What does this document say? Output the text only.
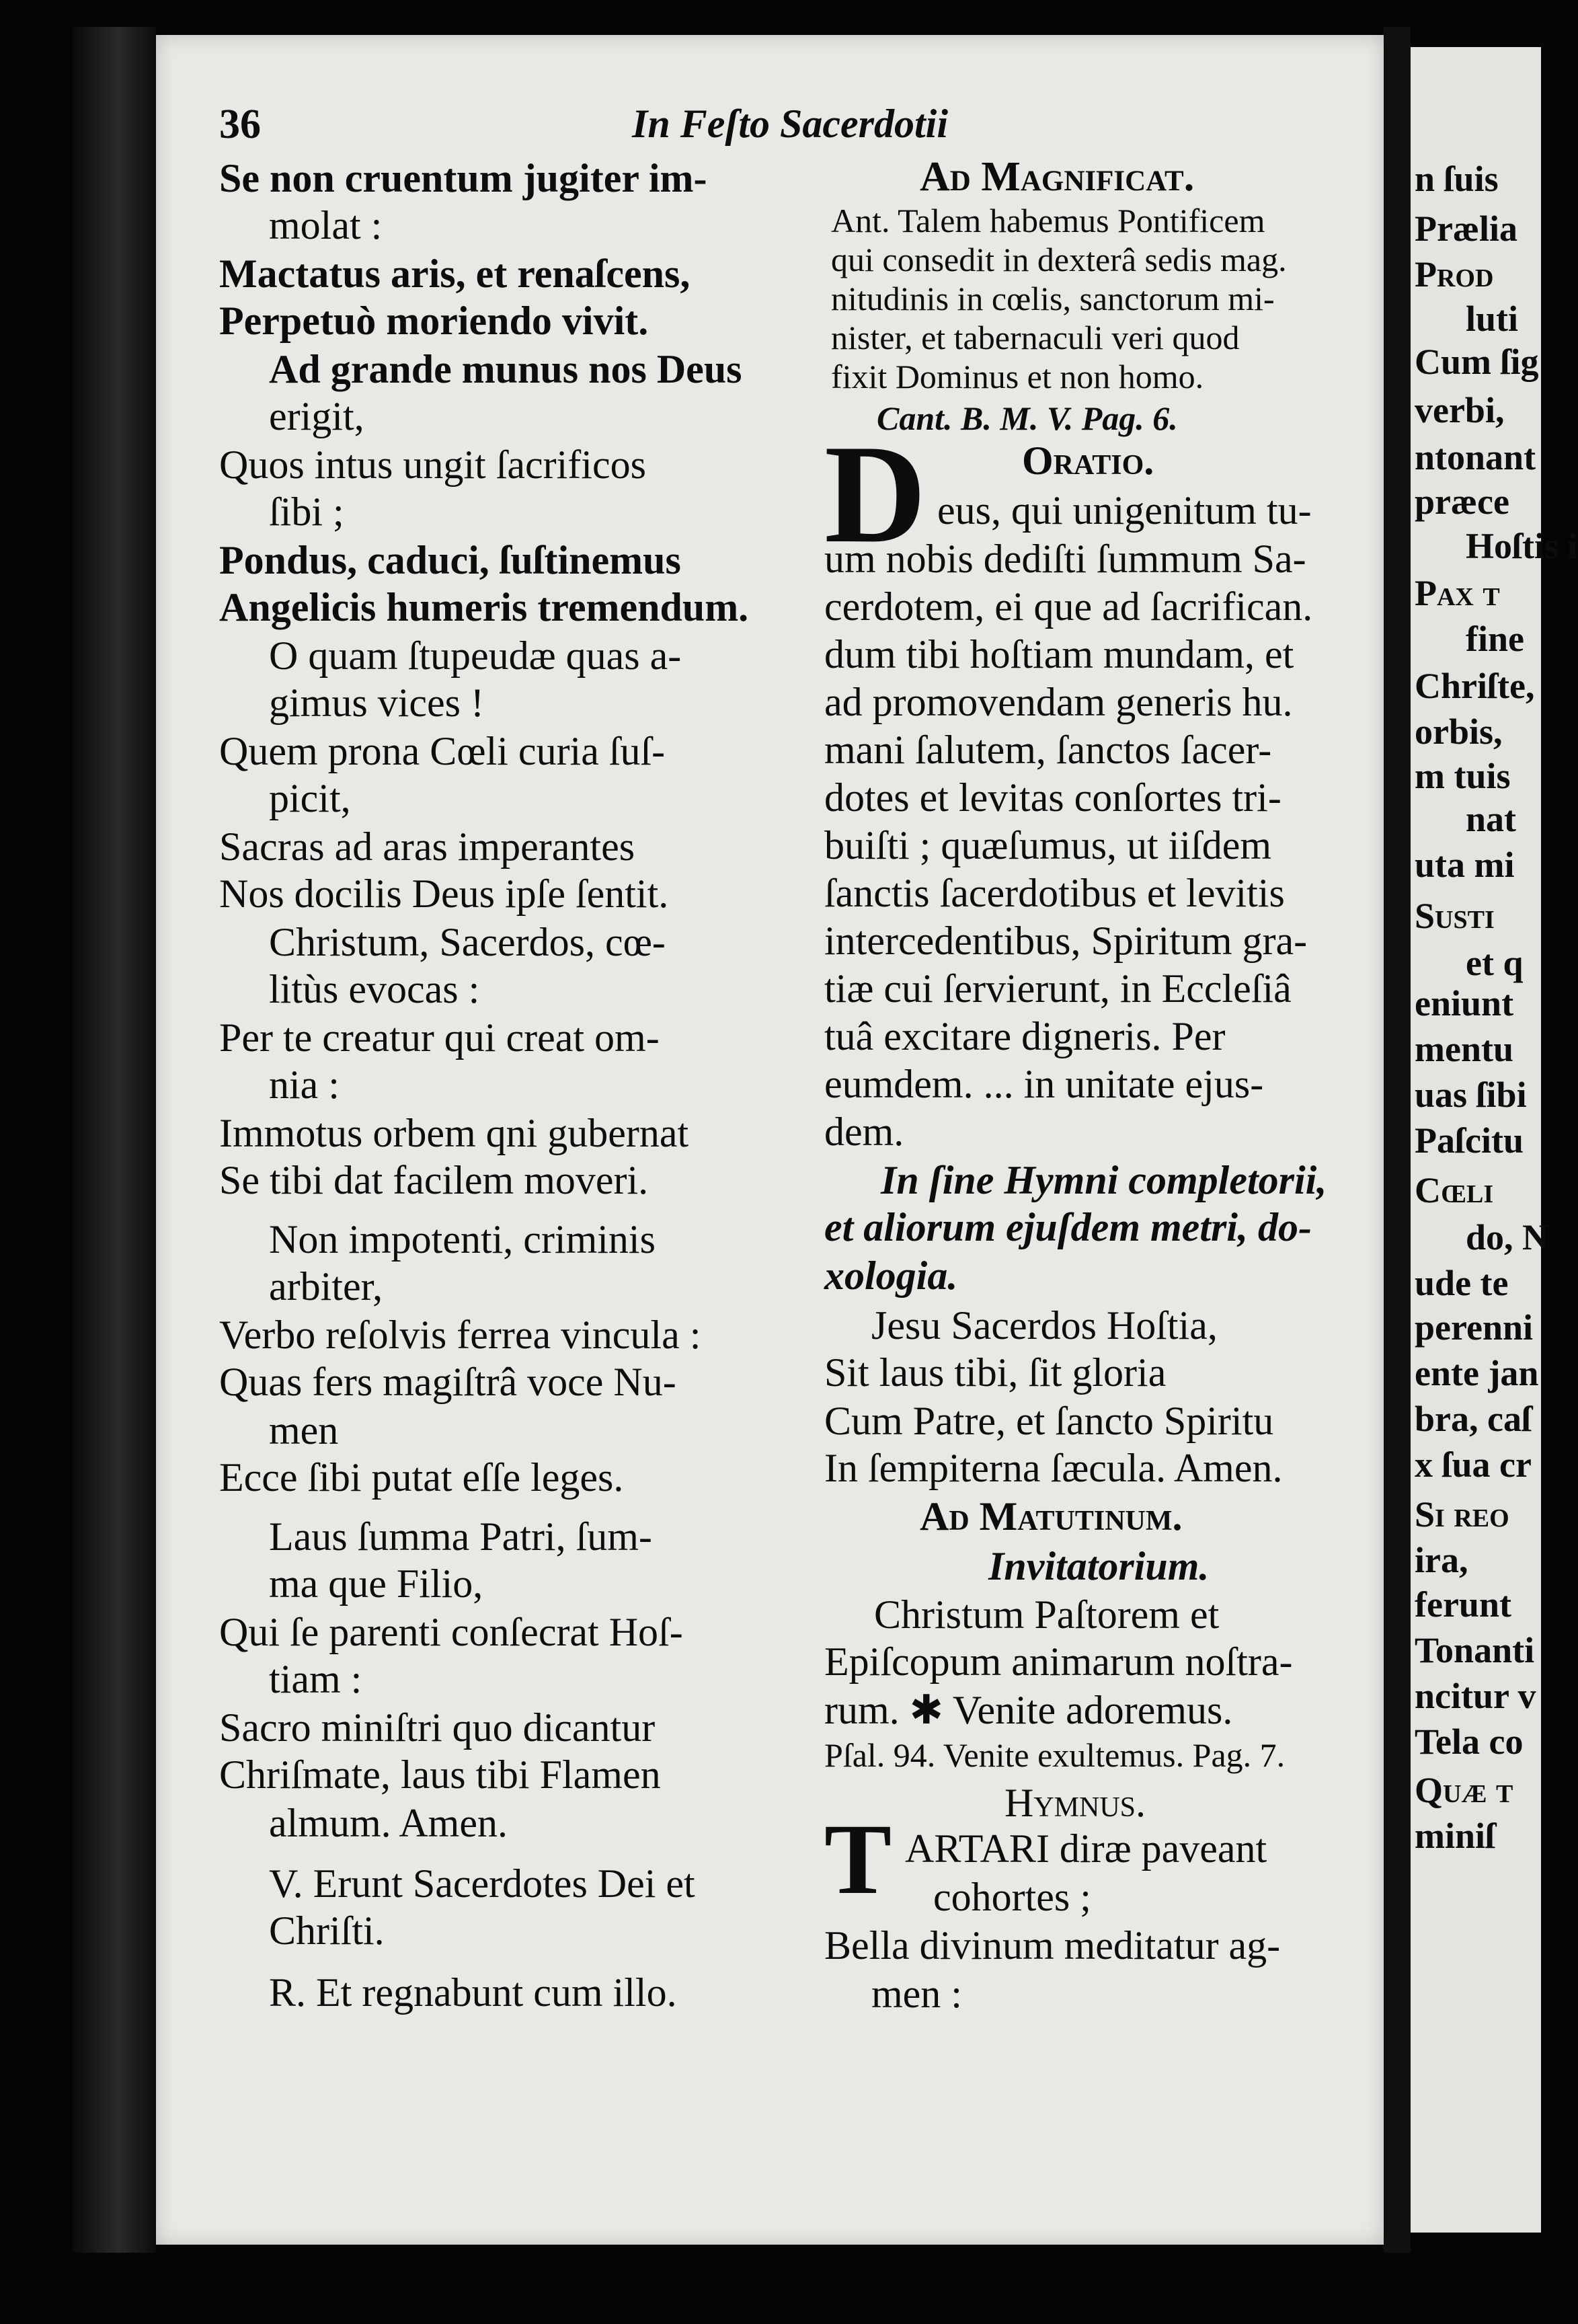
36	In Feſto Sacerdotii
Se non cruentum jugiter im-
molat :
Mactatus aris, et renaſcens,
Perpetuò moriendo vivit.
Ad grande munus nos Deus
erigit,
Quos intus ungit ſacrificos
ſibi ;
Pondus, caduci, ſuſtinemus
Angelicis humeris tremendum.
O quam ſtupeudæ quas a-
gimus vices !
Quem prona Cœli curia ſuſ-
picit,
Sacras ad aras imperantes
Nos docilis Deus ipſe ſentit.
Christum, Sacerdos, cœ-
litùs evocas :
Per te creatur qui creat om-
nia :
Immotus orbem qni gubernat
Se tibi dat facilem moveri.
Non impotenti, criminis
arbiter,
Verbo reſolvis ferrea vincula :
Quas fers magiſtrâ voce Nu-
men
Ecce ſibi putat eſſe leges.
Laus ſumma Patri, ſum-
ma que Filio,
Qui ſe parenti conſecrat Hoſ-
tiam :
Sacro miniſtri quo dicantur
Chriſmate, laus tibi Flamen
almum. Amen.
V. Erunt Sacerdotes Dei et
Chriſti.
R. Et regnabunt cum illo.
Ad Magnificat.
Ant. Talem habemus Pontificem
qui consedit in dexterâ sedis mag.
nitudinis in cœlis, sanctorum mi-
nister, et tabernaculi veri quod
fixit Dominus et non homo.
Cant. B. M. V. Pag. 6.
D Oratio.
eus, qui unigenitum tu-
um nobis dediſti ſummum Sa-
cerdotem, ei que ad ſacrifican.
dum tibi hoſtiam mundam, et
ad promovendam generis hu.
mani ſalutem, ſanctos ſacer-
dotes et levitas conſortes tri-
buiſti ; quæſumus, ut iiſdem
ſanctis ſacerdotibus et levitis
intercedentibus, Spiritum gra-
tiæ cui ſervierunt, in Eccleſiâ
tuâ excitare digneris. Per
eumdem. ... in unitate ejus-
dem.
In ſine Hymni completorii,
et aliorum ejuſdem metri, do-
xologia.
Jesu Sacerdos Hoſtia,
Sit laus tibi, ſit gloria
Cum Patre, et ſancto Spiritu
In ſempiterna ſæcula. Amen.
Ad Matutinum.
Invitatorium.
Christum Paſtorem et
Epiſcopum animarum noſtra-
rum. ✱ Venite adoremus.
Pſal. 94. Venite exultemus. Pag. 7.
Hymnus.
T ARTARI diræ paveant
cohortes ;
Bella divinum meditatur ag-
men :
n ſuis
Prælia
Prod
luti
Cum ſig
verbi,
ntonant
præce
Hoſtis i
Pax t
fine
Chriſte,
orbis,
m tuis
nat
uta mi
Susti
et q
eniunt
mentu
uas ſibi
Paſcitu
Cœli
do, N
ude te
perenni
ente jan
bra, caſ
x ſua cr
Si reo
ira,
ferunt
Tonanti
ncitur v
Tela co
Quæ t
miniſ
